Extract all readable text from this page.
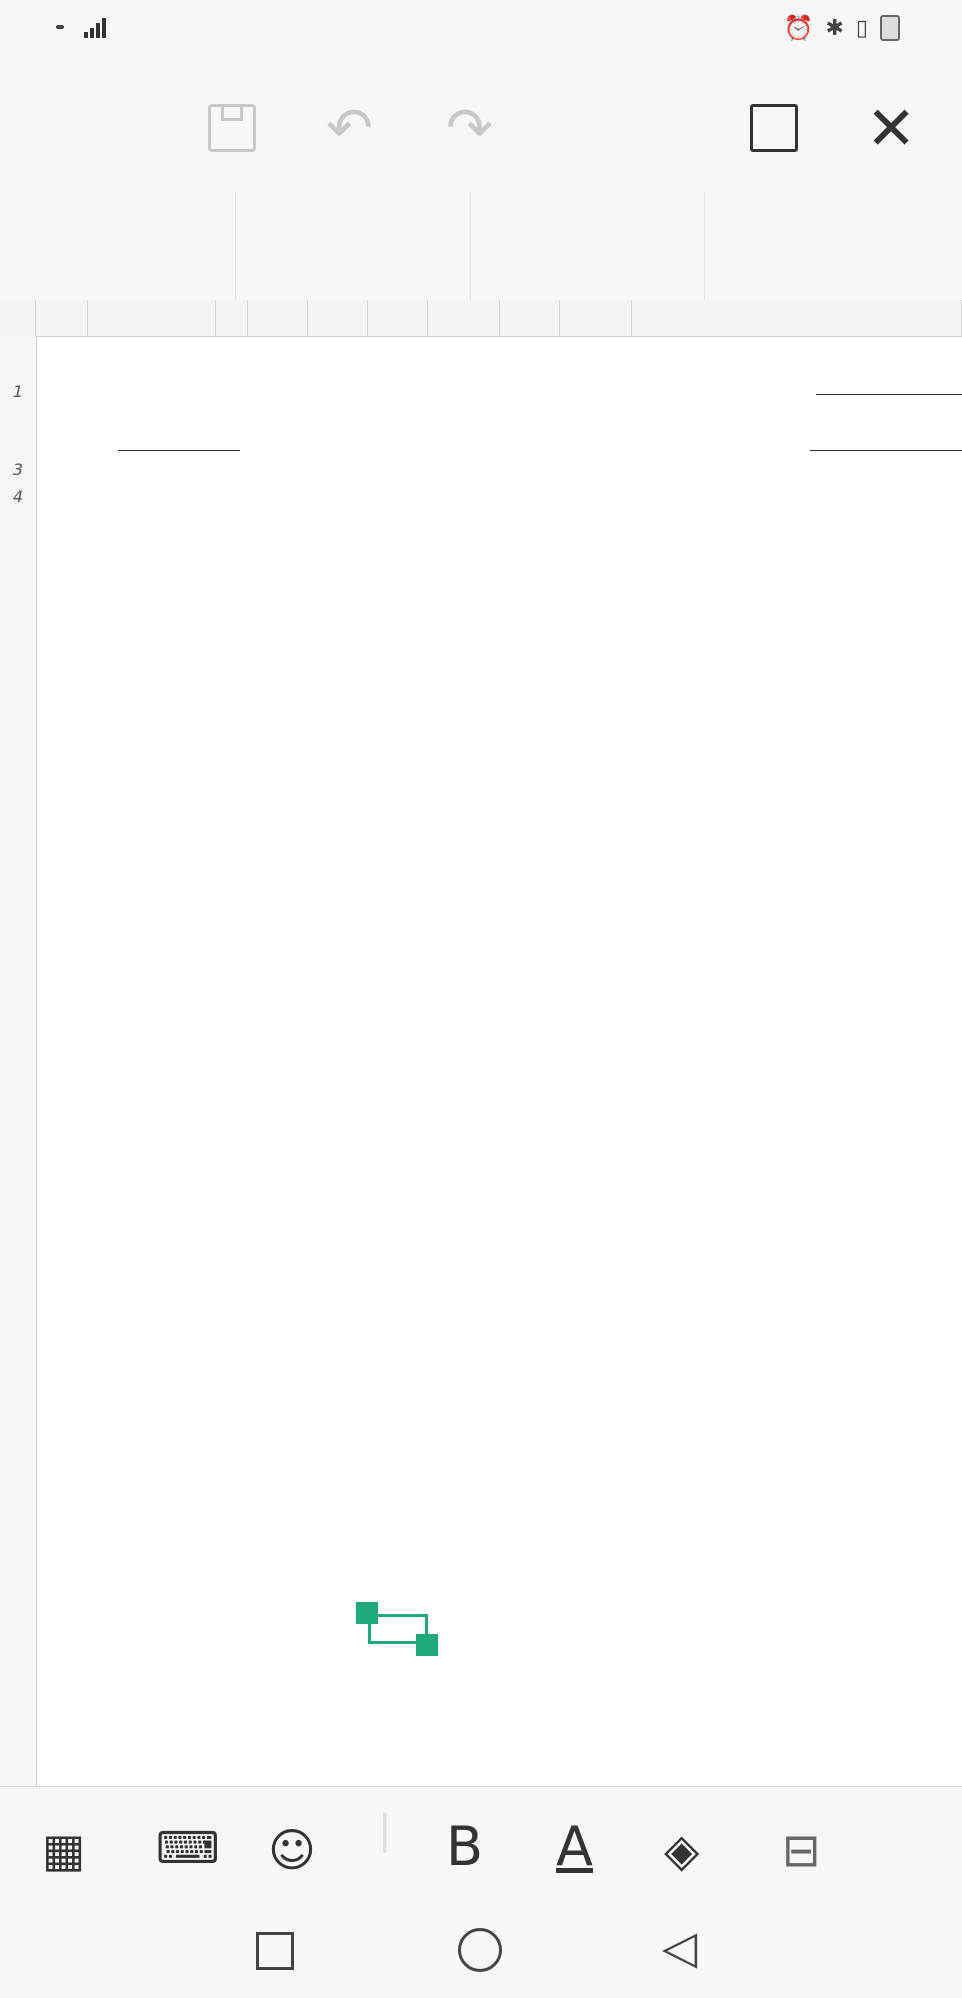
⏰ ✱ ▯
↶ ↷	✕
1
3
4
▦ ⌨ ☺ | B A ◈ ⊟
◁
